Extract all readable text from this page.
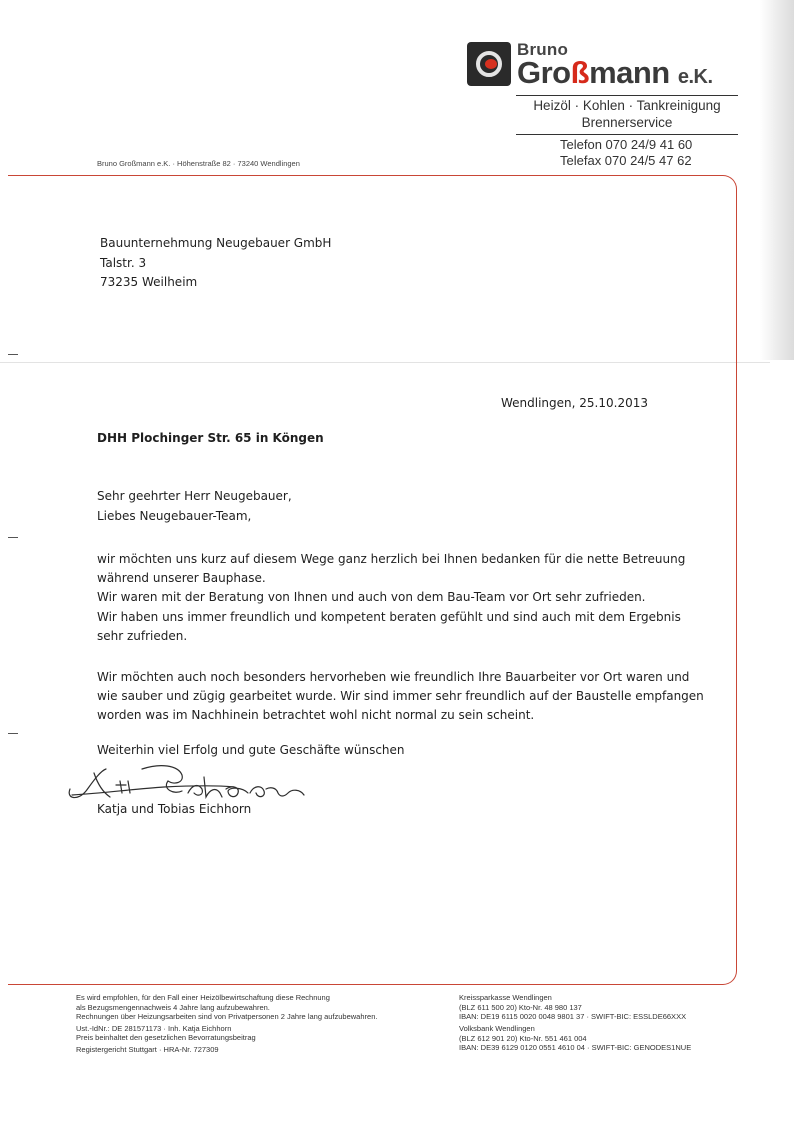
Bruno
Großmann e.K.
Heizöl · Kohlen · Tankreinigung
Brennerservice
Telefon 070 24/9 41 60
Telefax 070 24/5 47 62
Bruno Großmann e.K. · Höhenstraße 82 · 73240 Wendlingen
Bauunternehmung Neugebauer GmbH
Talstr. 3
73235 Weilheim
Wendlingen, 25.10.2013
DHH Plochinger Str. 65 in Köngen
Sehr geehrter Herr Neugebauer,
Liebes Neugebauer-Team,
wir möchten uns kurz auf diesem Wege ganz herzlich bei Ihnen bedanken für die nette Betreuung
während unserer Bauphase.
Wir waren mit der Beratung von Ihnen und auch von dem Bau-Team vor Ort sehr zufrieden.
Wir haben uns immer freundlich und kompetent beraten gefühlt und sind auch mit dem Ergebnis
sehr zufrieden.
Wir möchten auch noch besonders hervorheben wie freundlich Ihre Bauarbeiter vor Ort waren und
wie sauber und zügig gearbeitet wurde. Wir sind immer sehr freundlich auf der Baustelle empfangen
worden was im Nachhinein betrachtet wohl nicht normal zu sein scheint.
Weiterhin viel Erfolg und gute Geschäfte wünschen
Katja und Tobias Eichhorn
Es wird empfohlen, für den Fall einer Heizölbewirtschaftung diese Rechnung
als Bezugsmengennachweis 4 Jahre lang aufzubewahren.
Rechnungen über Heizungsarbeiten sind von Privatpersonen 2 Jahre lang aufzubewahren.
Ust.-IdNr.: DE 281571173 · Inh. Katja Eichhorn
Preis beinhaltet den gesetzlichen Bevorratungsbeitrag
Registergericht Stuttgart · HRA-Nr. 727309
Kreissparkasse Wendlingen
(BLZ 611 500 20) Kto-Nr. 48 980 137
IBAN: DE19 6115 0020 0048 9801 37 · SWIFT-BIC: ESSLDE66XXX
Volksbank Wendlingen
(BLZ 612 901 20) Kto-Nr. 551 461 004
IBAN: DE39 6129 0120 0551 4610 04 · SWIFT-BIC: GENODES1NUE
